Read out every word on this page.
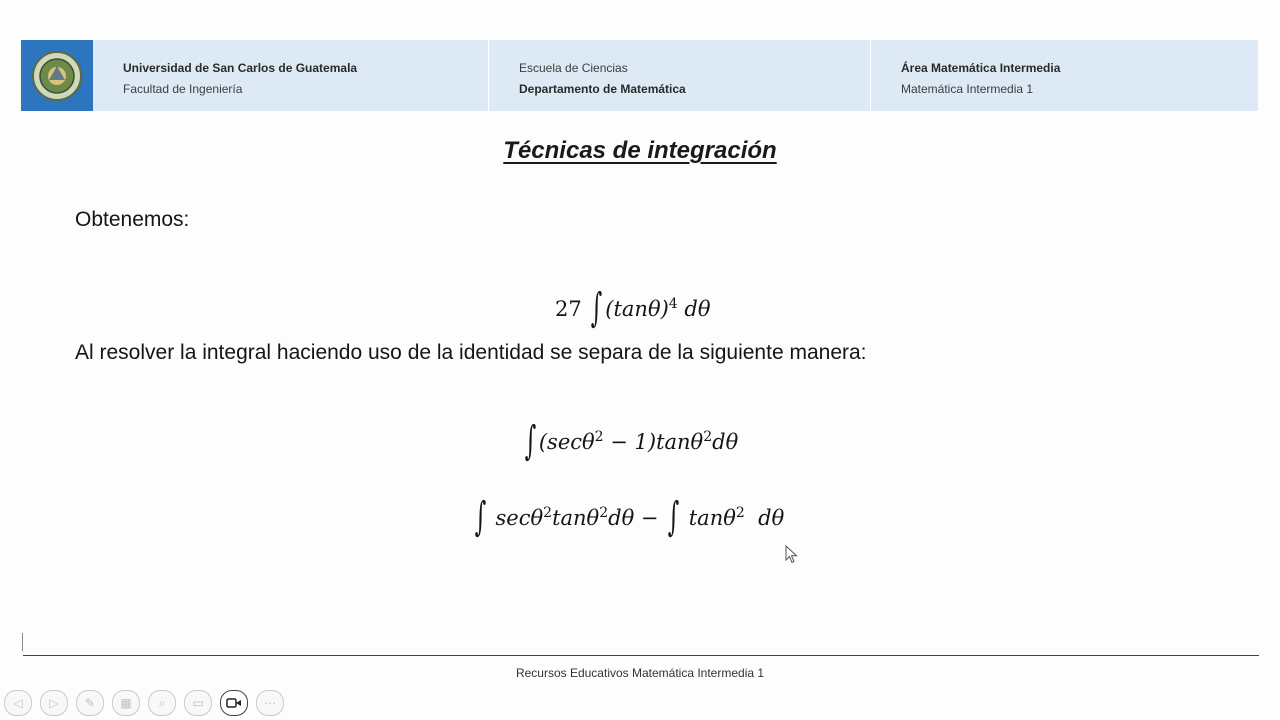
Universidad de San Carlos de Guatemala
Facultad de Ingeniería
Escuela de Ciencias
Departamento de Matemática
Área Matemática Intermedia
Matemática Intermedia 1
Técnicas de integración
Obtenemos:
27 ∫ $(\tan\theta)^4$ dθ
Al resolver la integral haciendo uso de la identidad se separa de la siguiente manera:
∫ (secθ$^2$ − 1)tanθ$^2$dθ
∫ secθ$^2$tanθ$^2$dθ − ∫ tanθ$^2$ dθ
Recursos Educativos Matemática Intermedia 1
◁	▷	✎	▦	⌕	▭	⋯
